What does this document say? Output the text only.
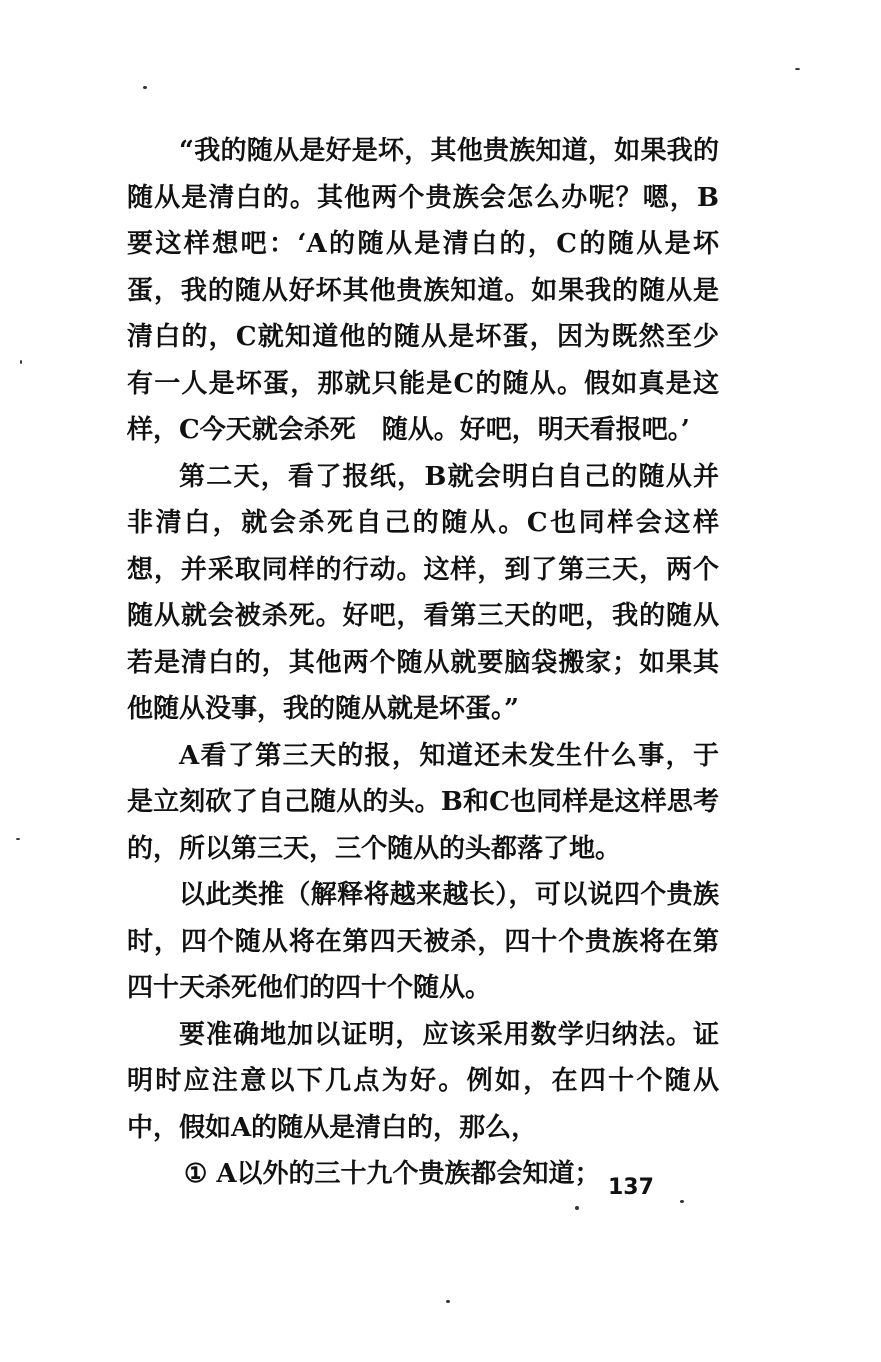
“我的随从是好是坏，其他贵族知道，如果我的随从是清白的。其他两个贵族会怎么办呢？嗯，B要这样想吧：‘A的随从是清白的，C的随从是坏蛋，我的随从好坏其他贵族知道。如果我的随从是清白的，C就知道他的随从是坏蛋，因为既然至少有一人是坏蛋，那就只能是C的随从。假如真是这样，C今天就会杀死　随从。好吧，明天看报吧。’

第二天，看了报纸，B就会明白自己的随从并非清白，就会杀死自己的随从。C也同样会这样想，并采取同样的行动。这样，到了第三天，两个随从就会被杀死。好吧，看第三天的吧，我的随从若是清白的，其他两个随从就要脑袋搬家；如果其他随从没事，我的随从就是坏蛋。”

A看了第三天的报，知道还未发生什么事，于是立刻砍了自己随从的头。B和C也同样是这样思考的，所以第三天，三个随从的头都落了地。

以此类推（解释将越来越长），可以说四个贵族时，四个随从将在第四天被杀，四十个贵族将在第四十天杀死他们的四十个随从。

要准确地加以证明，应该采用数学归纳法。证明时应注意以下几点为好。例如，在四十个随从中，假如A的随从是清白的，那么，

① A以外的三十九个贵族都会知道； 137
